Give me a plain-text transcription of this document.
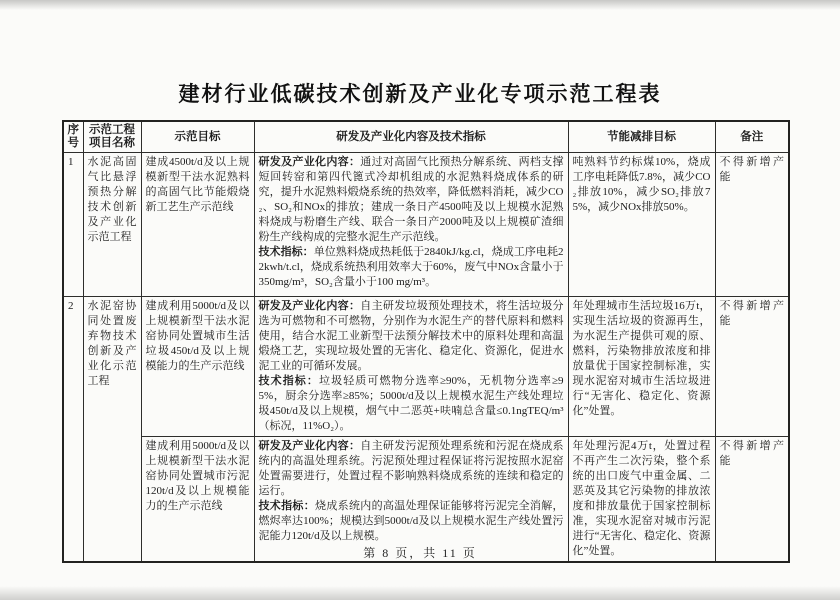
建材行业低碳技术创新及产业化专项示范工程表
序号	示范工程项目名称	示范目标	研发及产业化内容及技术指标	节能减排目标	备注
1	水泥高固气比悬浮预热分解技术创新及产业化示范工程	建成4500t/d及以上规模新型干法水泥熟料的高固气比节能煅烧新工艺生产示范线	研发及产业化内容：通过对高固气比预热分解系统、两档支撑短回转窑和第四代篦式冷却机组成的水泥熟料烧成体系的研究，提升水泥熟料煅烧系统的热效率，降低燃料消耗，减少CO₂、SO₂和NOx的排放；建成一条日产4500吨及以上规模水泥熟料烧成与粉磨生产线、联合一条日产2000吨及以上规模矿渣细粉生产线构成的完整水泥生产示范线。
技术指标：单位熟料烧成热耗低于2840kJ/kg.cl，烧成工序电耗22kwh/t.cl，烧成系统热利用效率大于60%，废气中NOx含量小于350mg/m³，SO₂含量小于100 mg/m³。	吨熟料节约标煤10%，烧成工序电耗降低7.8%，减少CO₂排放10%，减少SO₂排放75%，减少NOx排放50%。	不得新增产能
2	水泥窑协同处置废弃物技术创新及产业化示范工程	建成利用5000t/d及以上规模新型干法水泥窑协同处置城市生活垃圾450t/d及以上规模能力的生产示范线	研发及产业化内容：自主研发垃圾预处理技术，将生活垃圾分选为可燃物和不可燃物，分别作为水泥生产的替代原料和燃料使用，结合水泥工业新型干法预分解技术中的原料处理和高温煅烧工艺，实现垃圾处置的无害化、稳定化、资源化，促进水泥工业的可循环发展。
技术指标：垃圾轻质可燃物分选率≥90%，无机物分选率≥95%，厨余分选率≥85%；5000t/d及以上规模水泥生产线处理垃圾450t/d及以上规模，烟气中二恶英+呋喃总含量≤0.1ngTEQ/m³（标况，11%O₂）。	年处理城市生活垃圾16万t，实现生活垃圾的资源再生，为水泥生产提供可观的原、燃料，污染物排放浓度和排放量优于国家控制标准，实现水泥窑对城市生活垃圾进行“无害化、稳定化、资源化”处置。	不得新增产能
		建成利用5000t/d及以上规模新型干法水泥窑协同处置城市污泥120t/d及以上规模能力的生产示范线	研发及产业化内容：自主研发污泥预处理系统和污泥在烧成系统内的高温处理系统。污泥预处理过程保证将污泥按照水泥窑处置需要进行，处置过程不影响熟料烧成系统的连续和稳定的运行。
技术指标：烧成系统内的高温处理保证能够将污泥完全消解，燃烬率达100%；规模达到5000t/d及以上规模水泥生产线处置污泥能力120t/d及以上规模。	年处理污泥4万t，处置过程不再产生二次污染，整个系统的出口废气中重金属、二恶英及其它污染物的排放浓度和排放量优于国家控制标准，实现水泥窑对城市污泥进行“无害化、稳定化、资源化”处置。	不得新增产能
第 8 页，共 11 页
